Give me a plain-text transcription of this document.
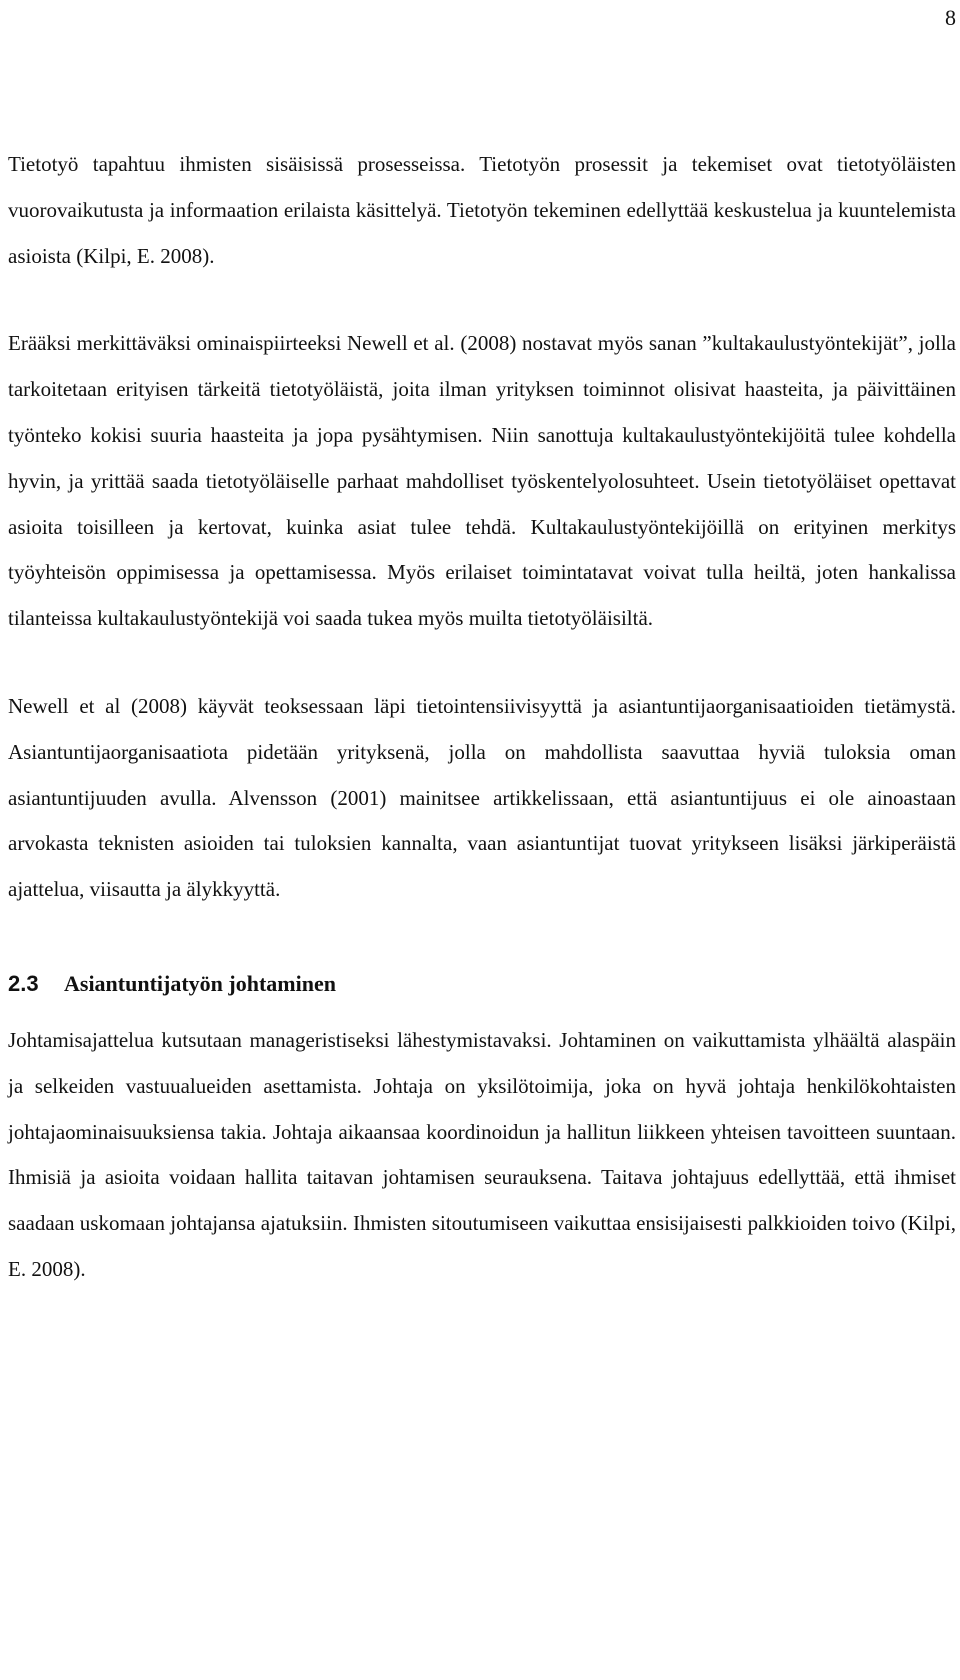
8

Tietotyö tapahtuu ihmisten sisäisissä prosesseissa. Tietotyön prosessit ja tekemiset ovat tietotyöläisten vuorovaikutusta ja informaation erilaista käsittelyä. Tietotyön tekeminen edellyttää keskustelua ja kuuntelemista asioista (Kilpi, E. 2008).

Erääksi merkittäväksi ominaispiirteeksi Newell et al. (2008) nostavat myös sanan ”kultakaulustyöntekijät”, jolla tarkoitetaan erityisen tärkeitä tietotyöläistä, joita ilman yrityksen toiminnot olisivat haasteita, ja päivittäinen työnteko kokisi suuria haasteita ja jopa pysähtymisen. Niin sanottuja kultakaulustyöntekijöitä tulee kohdella hyvin, ja yrittää saada tietotyöläiselle parhaat mahdolliset työskentelyolosuhteet. Usein tietotyöläiset opettavat asioita toisilleen ja kertovat, kuinka asiat tulee tehdä. Kultakaulustyöntekijöillä on erityinen merkitys työyhteisön oppimisessa ja opettamisessa. Myös erilaiset toimintatavat voivat tulla heiltä, joten hankalissa tilanteissa kultakaulustyöntekijä voi saada tukea myös muilta tietotyöläisiltä.

Newell et al (2008) käyvät teoksessaan läpi tietointensiivisyyttä ja asiantuntijaorganisaatioiden tietämystä. Asiantuntijaorganisaatiota pidetään yrityksenä, jolla on mahdollista saavuttaa hyviä tuloksia oman asiantuntijuuden avulla. Alvensson (2001) mainitsee artikkelissaan, että asiantuntijuus ei ole ainoastaan arvokasta teknisten asioiden tai tuloksien kannalta, vaan asiantuntijat tuovat yritykseen lisäksi järkiperäistä ajattelua, viisautta ja älykkyyttä.

2.3 Asiantuntijatyön johtaminen

Johtamisajattelua kutsutaan manageristiseksi lähestymistavaksi. Johtaminen on vaikuttamista ylhäältä alaspäin ja selkeiden vastuualueiden asettamista. Johtaja on yksilötoimija, joka on hyvä johtaja henkilökohtaisten johtajaominaisuuksiensa takia. Johtaja aikaansaa koordinoidun ja hallitun liikkeen yhteisen tavoitteen suuntaan. Ihmisiä ja asioita voidaan hallita taitavan johtamisen seurauksena. Taitava johtajuus edellyttää, että ihmiset saadaan uskomaan johtajansa ajatuksiin. Ihmisten sitoutumiseen vaikuttaa ensisijaisesti palkkioiden toivo (Kilpi, E. 2008).
